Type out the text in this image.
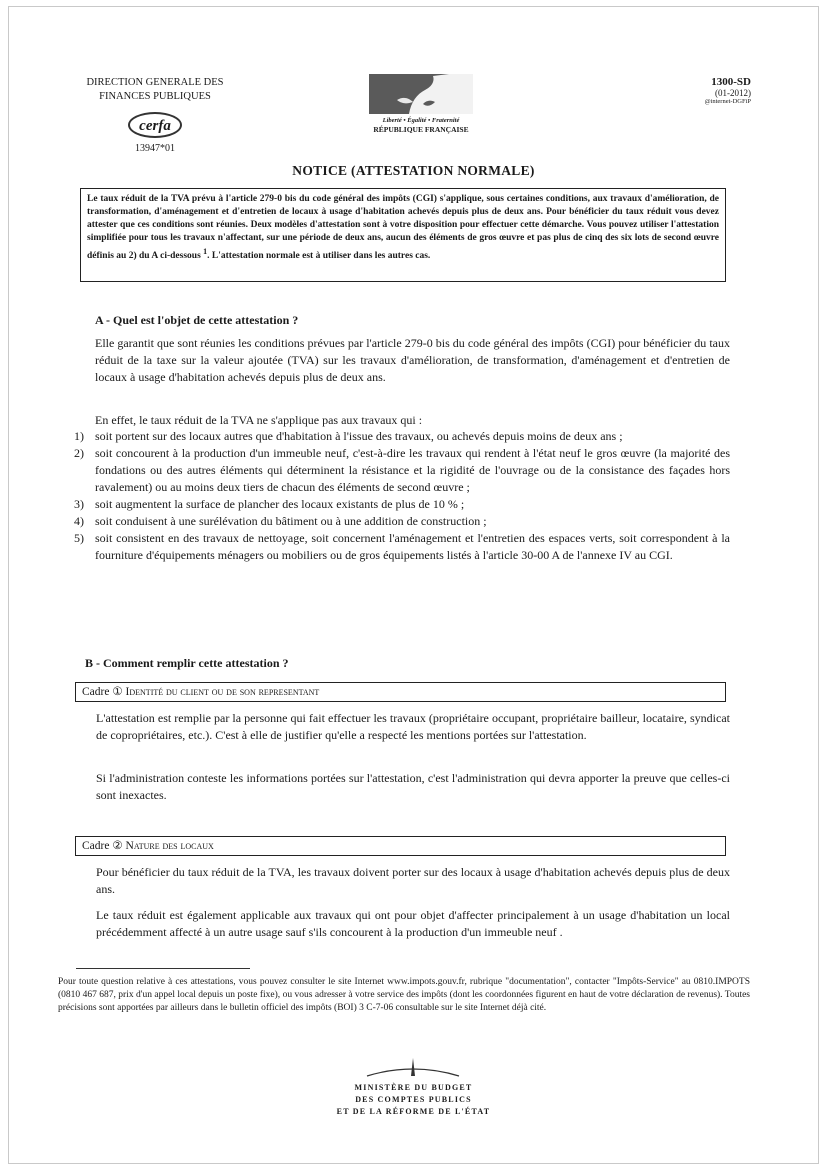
DIRECTION GENERALE DES
FINANCES PUBLIQUES
cerfa
13947*01
Liberté • Égalité • Fraternité
RÉPUBLIQUE FRANÇAISE
1300-SD
(01-2012)
@internet-DGFiP
NOTICE (ATTESTATION NORMALE)
Le taux réduit de la TVA prévu à l'article 279-0 bis du code général des impôts (CGI) s'applique, sous certaines conditions, aux travaux d'amélioration, de transformation, d'aménagement et d'entretien de locaux à usage d'habitation achevés depuis plus de deux ans. Pour bénéficier du taux réduit vous devez attester que ces conditions sont réunies. Deux modèles d'attestation sont à votre disposition pour effectuer cette démarche. Vous pouvez utiliser l'attestation simplifiée pour tous les travaux n'affectant, sur une période de deux ans, aucun des éléments de gros œuvre et pas plus de cinq des six lots de second œuvre définis au 2) du A ci-dessous $^1$. L'attestation normale est à utiliser dans les autres cas.
A - Quel est l'objet de cette attestation ?
Elle garantit que sont réunies les conditions prévues par l'article 279-0 bis du code général des impôts (CGI) pour bénéficier du taux réduit de la taxe sur la valeur ajoutée (TVA) sur les travaux d'amélioration, de transformation, d'aménagement et d'entretien de locaux à usage d'habitation achevés depuis plus de deux ans.
En effet, le taux réduit de la TVA ne s'applique pas aux travaux qui :
1) soit portent sur des locaux autres que d'habitation à l'issue des travaux, ou achevés depuis moins de deux ans ;
2) soit concourent à la production d'un immeuble neuf, c'est-à-dire les travaux qui rendent à l'état neuf le gros œuvre (la majorité des fondations ou des autres éléments qui déterminent la résistance et la rigidité de l'ouvrage ou de la consistance des façades hors ravalement) ou au moins deux tiers de chacun des éléments de second œuvre ;
3) soit augmentent la surface de plancher des locaux existants de plus de 10 % ;
4) soit conduisent à une surélévation du bâtiment ou à une addition de construction ;
5) soit consistent en des travaux de nettoyage, soit concernent l'aménagement et l'entretien des espaces verts, soit correspondent à la fourniture d'équipements ménagers ou mobiliers ou de gros équipements listés à l'article 30-00 A de l'annexe IV au CGI.
B - Comment remplir cette attestation ?
Cadre ① Identité du client ou de son representant
L'attestation est remplie par la personne qui fait effectuer les travaux (propriétaire occupant, propriétaire bailleur, locataire, syndicat de copropriétaires, etc.). C'est à elle de justifier qu'elle a respecté les mentions portées sur l'attestation.
Si l'administration conteste les informations portées sur l'attestation, c'est l'administration qui devra apporter la preuve que celles-ci sont inexactes.
Cadre ② Nature des locaux
Pour bénéficier du taux réduit de la TVA, les travaux doivent porter sur des locaux à usage d'habitation achevés depuis plus de deux ans.
Le taux réduit est également applicable aux travaux qui ont pour objet d'affecter principalement à un usage d'habitation un local précédemment affecté à un autre usage sauf s'ils concourent à la production d'un immeuble neuf .
Pour toute question relative à ces attestations, vous pouvez consulter le site Internet www.impots.gouv.fr, rubrique "documentation", contacter "Impôts-Service" au 0810.IMPOTS (0810 467 687, prix d'un appel local depuis un poste fixe), ou vous adresser à votre service des impôts (dont les coordonnées figurent en haut de votre déclaration de revenus). Toutes précisions sont apportées par ailleurs dans le bulletin officiel des impôts (BOI) 3 C-7-06 consultable sur le site Internet déjà cité.
MINISTÈRE DU BUDGET
DES COMPTES PUBLICS
ET DE LA RÉFORME DE L'ÉTAT
